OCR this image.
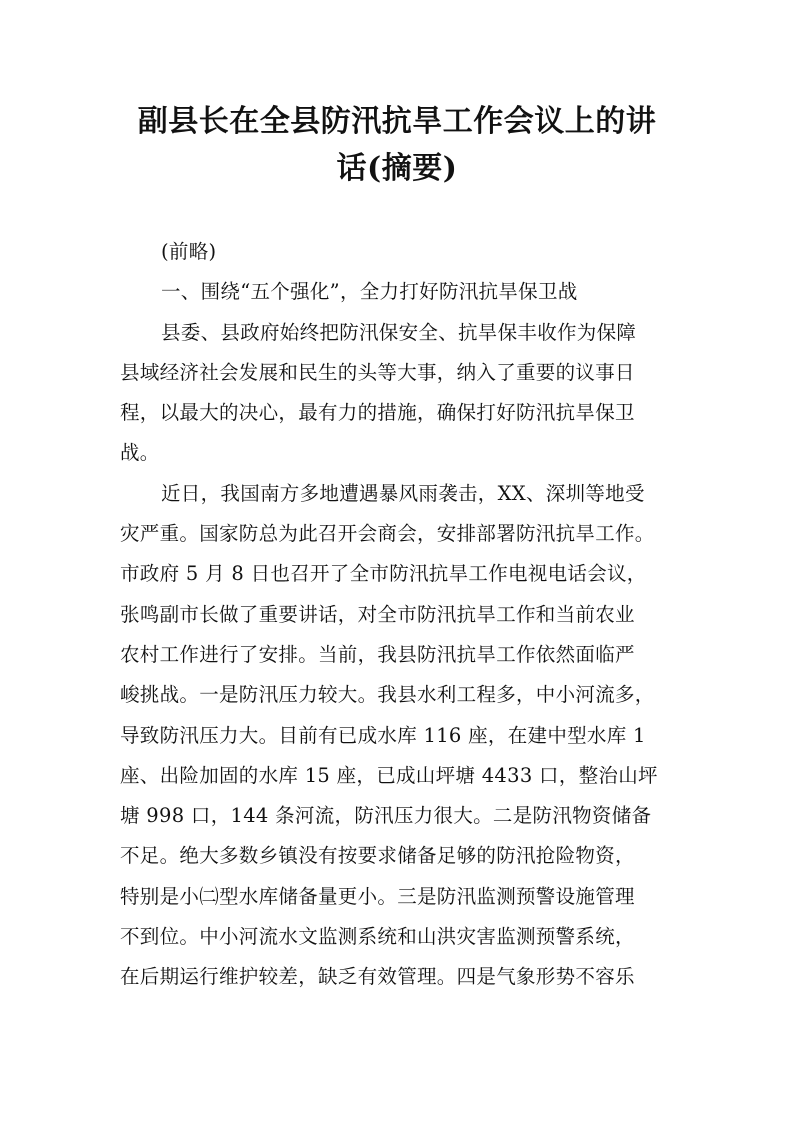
副县长在全县防汛抗旱工作会议上的讲
话(摘要)
(前略)
一、围绕“五个强化”，全力打好防汛抗旱保卫战
县委、县政府始终把防汛保安全、抗旱保丰收作为保障
县域经济社会发展和民生的头等大事，纳入了重要的议事日
程，以最大的决心，最有力的措施，确保打好防汛抗旱保卫
战。
近日，我国南方多地遭遇暴风雨袭击，XX、深圳等地受
灾严重。国家防总为此召开会商会，安排部署防汛抗旱工作。
市政府 5 月 8 日也召开了全市防汛抗旱工作电视电话会议，
张鸣副市长做了重要讲话，对全市防汛抗旱工作和当前农业
农村工作进行了安排。当前，我县防汛抗旱工作依然面临严
峻挑战。一是防汛压力较大。我县水利工程多，中小河流多，
导致防汛压力大。目前有已成水库 116 座，在建中型水库 1
座、出险加固的水库 15 座，已成山坪塘 4433 口，整治山坪
塘 998 口，144 条河流，防汛压力很大。二是防汛物资储备
不足。绝大多数乡镇没有按要求储备足够的防汛抢险物资，
特别是小㈡型水库储备量更小。三是防汛监测预警设施管理
不到位。中小河流水文监测系统和山洪灾害监测预警系统，
在后期运行维护较差，缺乏有效管理。四是气象形势不容乐
